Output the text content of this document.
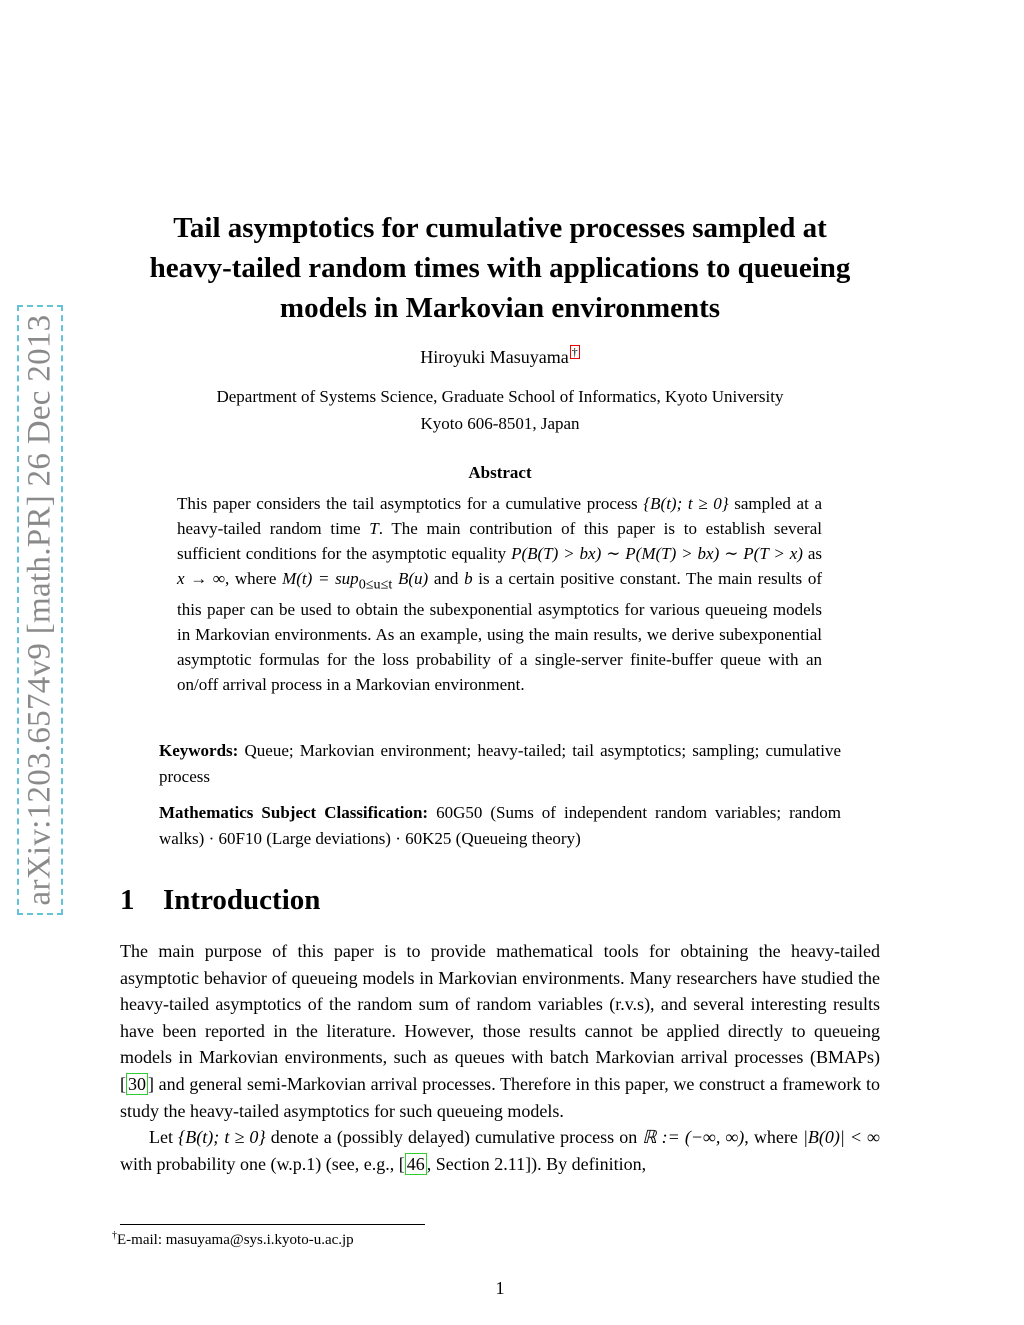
arXiv:1203.6574v9 [math.PR] 26 Dec 2013
Tail asymptotics for cumulative processes sampled at heavy-tailed random times with applications to queueing models in Markovian environments
Hiroyuki Masuyama †
Department of Systems Science, Graduate School of Informatics, Kyoto University
Kyoto 606-8501, Japan
Abstract
This paper considers the tail asymptotics for a cumulative process {B(t); t ≥ 0} sampled at a heavy-tailed random time T. The main contribution of this paper is to establish several sufficient conditions for the asymptotic equality P(B(T) > bx) ∼ P(M(T) > bx) ∼ P(T > x) as x → ∞, where M(t) = sup$_{0\le u\le t}$ B(u) and b is a certain positive constant. The main results of this paper can be used to obtain the subexponential asymptotics for various queueing models in Markovian environments. As an example, using the main results, we derive subexponential asymptotic formulas for the loss probability of a single-server finite-buffer queue with an on/off arrival process in a Markovian environment.
Keywords: Queue; Markovian environment; heavy-tailed; tail asymptotics; sampling; cumulative process
Mathematics Subject Classification: 60G50 (Sums of independent random variables; random walks) · 60F10 (Large deviations) · 60K25 (Queueing theory)
1 Introduction

The main purpose of this paper is to provide mathematical tools for obtaining the heavy-tailed asymptotic behavior of queueing models in Markovian environments. Many researchers have studied the heavy-tailed asymptotics of the random sum of random variables (r.v.s), and several interesting results have been reported in the literature. However, those results cannot be applied directly to queueing models in Markovian environments, such as queues with batch Markovian arrival processes (BMAPs) [ 30 ] and general semi-Markovian arrival processes. Therefore in this paper, we construct a framework to study the heavy-tailed asymptotics for such queueing models.

Let {B(t); t ≥ 0} denote a (possibly delayed) cumulative process on ℝ := (−∞, ∞), where |B(0)| < ∞ with probability one (w.p.1) (see, e.g., [ 46 , Section 2.11]). By definition,

†E-mail: masuyama@sys.i.kyoto-u.ac.jp
1
